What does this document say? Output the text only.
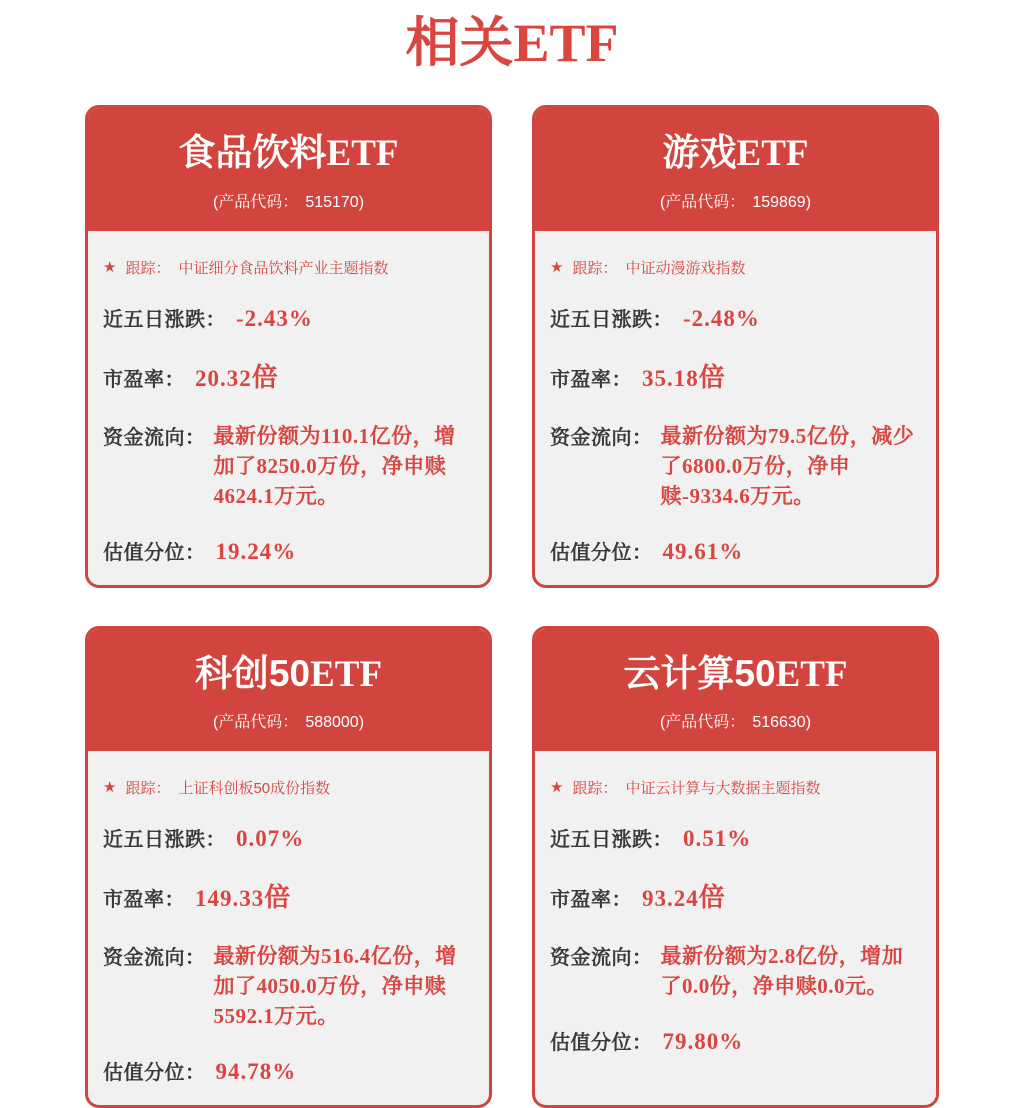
相关ETF
食品饮料ETF
(产品代码： 515170)
★ 跟踪： 中证细分食品饮料产业主题指数
近五日涨跌： -2.43%
市盈率： 20.32倍
资金流向： 最新份额为110.1亿份，增加了8250.0万份，净申赎4624.1万元。
估值分位： 19.24%
游戏ETF
(产品代码： 159869)
★ 跟踪： 中证动漫游戏指数
近五日涨跌： -2.48%
市盈率： 35.18倍
资金流向： 最新份额为79.5亿份，减少了6800.0万份，净申赎-9334.6万元。
估值分位： 49.61%
科创50ETF
(产品代码： 588000)
★ 跟踪： 上证科创板50成份指数
近五日涨跌： 0.07%
市盈率： 149.33倍
资金流向： 最新份额为516.4亿份，增加了4050.0万份，净申赎5592.1万元。
估值分位： 94.78%
云计算50ETF
(产品代码： 516630)
★ 跟踪： 中证云计算与大数据主题指数
近五日涨跌： 0.51%
市盈率： 93.24倍
资金流向： 最新份额为2.8亿份，增加了0.0份，净申赎0.0元。
估值分位： 79.80%
